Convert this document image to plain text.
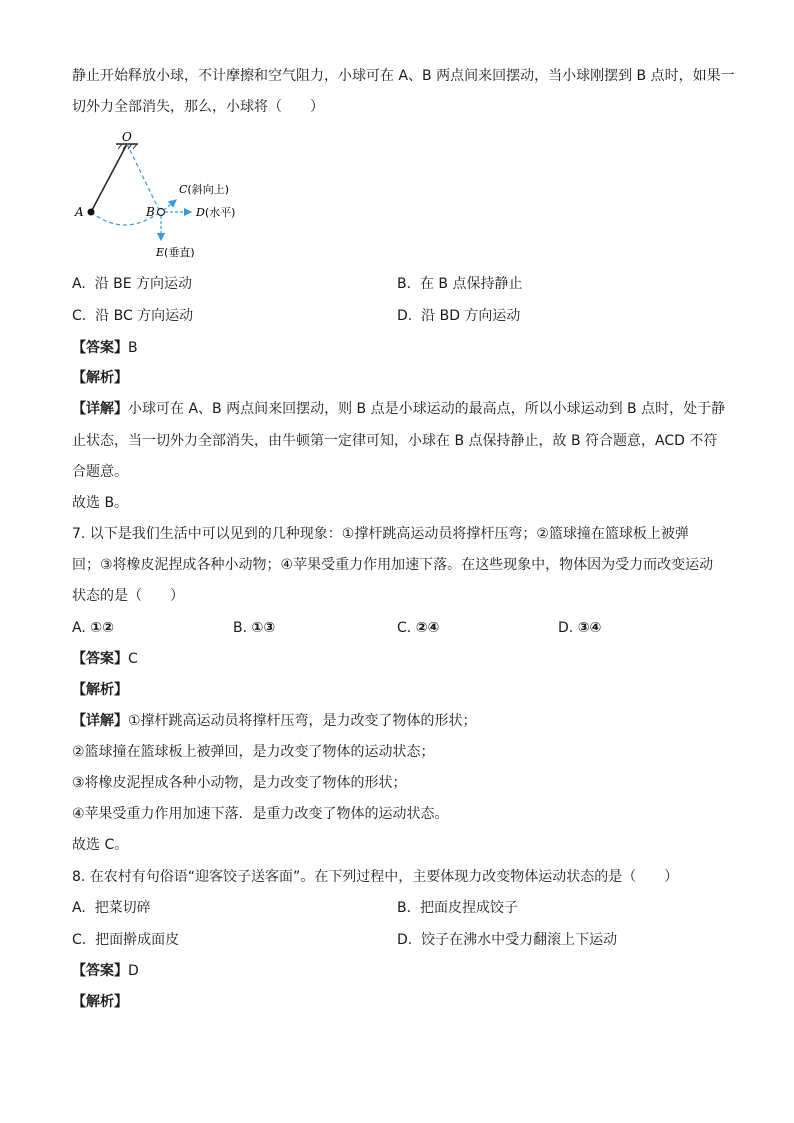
静止开始释放小球，不计摩擦和空气阻力，小球可在 A、B 两点间来回摆动，当小球刚摆到 B 点时，如果一
切外力全部消失，那么，小球将（　　）
O
A	B
C(斜向上)
D(水平)
E(垂直)
A. 沿 BE 方向运动	B. 在 B 点保持静止
C. 沿 BC 方向运动	D. 沿 BD 方向运动
【答案】B
【解析】
【详解】小球可在 A、B 两点间来回摆动，则 B 点是小球运动的最高点，所以小球运动到 B 点时，处于静
止状态，当一切外力全部消失，由牛顿第一定律可知，小球在 B 点保持静止，故 B 符合题意，ACD 不符
合题意。
故选 B。
7. 以下是我们生活中可以见到的几种现象：①撑杆跳高运动员将撑杆压弯；②篮球撞在篮球板上被弹
回；③将橡皮泥捏成各种小动物；④苹果受重力作用加速下落。在这些现象中，物体因为受力而改变运动
状态的是（　　）
A. ①②	B. ①③	C. ②④	D. ③④
【答案】C
【解析】
【详解】①撑杆跳高运动员将撑杆压弯，是力改变了物体的形状；
②篮球撞在篮球板上被弹回，是力改变了物体的运动状态；
③将橡皮泥捏成各种小动物，是力改变了物体的形状；
④苹果受重力作用加速下落．是重力改变了物体的运动状态。
故选 C。
8. 在农村有句俗语“迎客饺子送客面”。在下列过程中，主要体现力改变物体运动状态的是（　　）
A. 把菜切碎	B. 把面皮捏成饺子
C. 把面擀成面皮	D. 饺子在沸水中受力翻滚上下运动
【答案】D
【解析】
